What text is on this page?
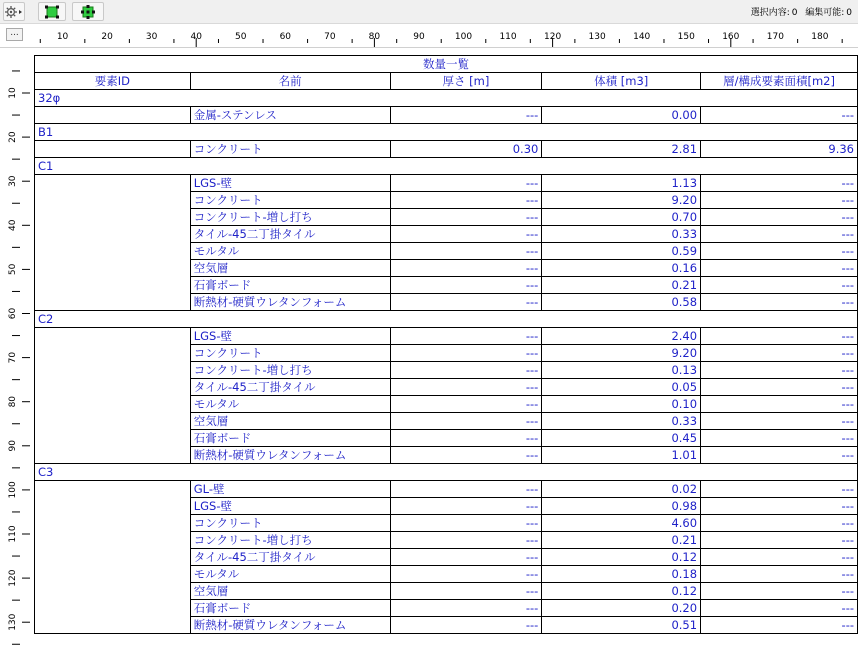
選択内容: 0 編集可能: 0
10	20	30	40	50	60	70	80	90	100	110	120	130	140	150	160	170	180
...
10
20
30
40
50
60
70
80
90
100
110
120
130
数量一覧				
要素ID	名前	厚さ [m]	体積 [m3]	層/構成要素面積[m2]
32φ				
	金属-ステンレス	---	0.00	---
B1				
	コンクリート	0.30	2.81	9.36
C1				
	LGS-壁	---	1.13	---
	コンクリート	---	9.20	---
	コンクリート-増し打ち	---	0.70	---
	タイル-45二丁掛タイル	---	0.33	---
	モルタル	---	0.59	---
	空気層	---	0.16	---
	石膏ボード	---	0.21	---
	断熱材-硬質ウレタンフォーム	---	0.58	---
C2				
	LGS-壁	---	2.40	---
	コンクリート	---	9.20	---
	コンクリート-増し打ち	---	0.13	---
	タイル-45二丁掛タイル	---	0.05	---
	モルタル	---	0.10	---
	空気層	---	0.33	---
	石膏ボード	---	0.45	---
	断熱材-硬質ウレタンフォーム	---	1.01	---
C3				
	GL-壁	---	0.02	---
	LGS-壁	---	0.98	---
	コンクリート	---	4.60	---
	コンクリート-増し打ち	---	0.21	---
	タイル-45二丁掛タイル	---	0.12	---
	モルタル	---	0.18	---
	空気層	---	0.12	---
	石膏ボード	---	0.20	---
	断熱材-硬質ウレタンフォーム	---	0.51	---
